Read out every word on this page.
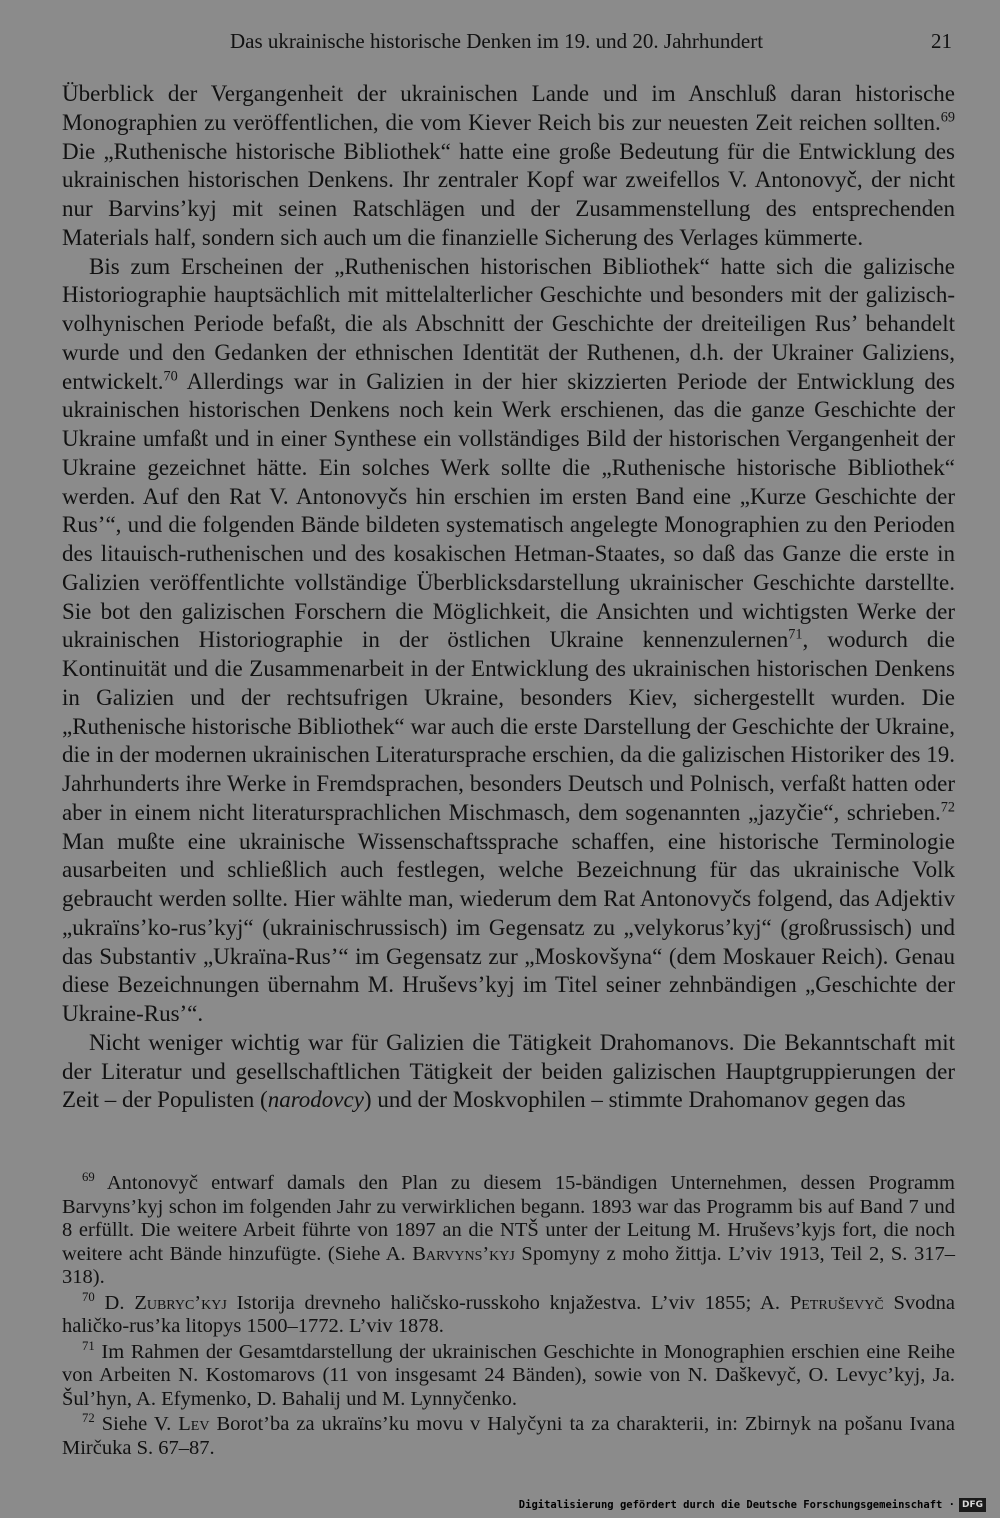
Das ukrainische historische Denken im 19. und 20. Jahrhundert	21

Überblick der Vergangenheit der ukrainischen Lande und im Anschluß daran historische Monographien zu veröffentlichen, die vom Kiever Reich bis zur neuesten Zeit reichen sollten.$^{69}$ Die „Ruthenische historische Bibliothek“ hatte eine große Bedeutung für die Entwicklung des ukrainischen historischen Denkens. Ihr zentraler Kopf war zweifellos V. Antonovyč, der nicht nur Barvins’kyj mit seinen Ratschlägen und der Zusammenstellung des entsprechenden Materials half, sondern sich auch um die finanzielle Sicherung des Verlages kümmerte.

Bis zum Erscheinen der „Ruthenischen historischen Bibliothek“ hatte sich die galizische Historiographie hauptsächlich mit mittelalterlicher Geschichte und besonders mit der galizisch-volhynischen Periode befaßt, die als Abschnitt der Geschichte der dreiteiligen Rus’ behandelt wurde und den Gedanken der ethnischen Identität der Ruthenen, d.h. der Ukrainer Galiziens, entwickelt.$^{70}$ Allerdings war in Galizien in der hier skizzierten Periode der Entwicklung des ukrainischen historischen Denkens noch kein Werk erschienen, das die ganze Geschichte der Ukraine umfaßt und in einer Synthese ein vollständiges Bild der historischen Vergangenheit der Ukraine gezeichnet hätte. Ein solches Werk sollte die „Ruthenische historische Bibliothek“ werden. Auf den Rat V. Antonovyčs hin erschien im ersten Band eine „Kurze Geschichte der Rus’“, und die folgenden Bände bildeten systematisch angelegte Monographien zu den Perioden des litauisch-ruthenischen und des kosakischen Hetman-Staates, so daß das Ganze die erste in Galizien veröffentlichte vollständige Überblicksdarstellung ukrainischer Geschichte darstellte. Sie bot den galizischen Forschern die Möglichkeit, die Ansichten und wichtigsten Werke der ukrainischen Historiographie in der östlichen Ukraine kennenzulernen$^{71}$, wodurch die Kontinuität und die Zusammenarbeit in der Entwicklung des ukrainischen historischen Denkens in Galizien und der rechtsufrigen Ukraine, besonders Kiev, sichergestellt wurden. Die „Ruthenische historische Bibliothek“ war auch die erste Darstellung der Geschichte der Ukraine, die in der modernen ukrainischen Literatursprache erschien, da die galizischen Historiker des 19. Jahrhunderts ihre Werke in Fremdsprachen, besonders Deutsch und Polnisch, verfaßt hatten oder aber in einem nicht literatursprachlichen Mischmasch, dem sogenannten „jazyčie“, schrieben.$^{72}$ Man mußte eine ukrainische Wissenschaftssprache schaffen, eine historische Terminologie ausarbeiten und schließlich auch festlegen, welche Bezeichnung für das ukrainische Volk gebraucht werden sollte. Hier wählte man, wiederum dem Rat Antonovyčs folgend, das Adjektiv „ukraïns’ko-rus’kyj“ (ukrainischrussisch) im Gegensatz zu „velykorus’kyj“ (großrussisch) und das Substantiv „Ukraïna-Rus’“ im Gegensatz zur „Moskovšyna“ (dem Moskauer Reich). Genau diese Bezeichnungen übernahm M. Hruševs’kyj im Titel seiner zehnbändigen „Geschichte der Ukraine-Rus’“.

Nicht weniger wichtig war für Galizien die Tätigkeit Drahomanovs. Die Bekanntschaft mit der Literatur und gesellschaftlichen Tätigkeit der beiden galizischen Hauptgruppierungen der Zeit – der Populisten (narodovcy) und der Moskvophilen – stimmte Drahomanov gegen das

$^{69}$ Antonovyč entwarf damals den Plan zu diesem 15-bändigen Unternehmen, dessen Programm Barvyns’kyj schon im folgenden Jahr zu verwirklichen begann. 1893 war das Programm bis auf Band 7 und 8 erfüllt. Die weitere Arbeit führte von 1897 an die NTŠ unter der Leitung M. Hruševs’kyjs fort, die noch weitere acht Bände hinzufügte. (Siehe A. Barvyns’kyj Spomyny z moho žittja. L’viv 1913, Teil 2, S. 317–318).

$^{70}$ D. Zubryc’kyj Istorija drevneho haličsko-russkoho knjažestva. L’viv 1855; A. Petruševyč Svodna haličko-rus’ka litopys 1500–1772. L’viv 1878.

$^{71}$ Im Rahmen der Gesamtdarstellung der ukrainischen Geschichte in Monographien erschien eine Reihe von Arbeiten N. Kostomarovs (11 von insgesamt 24 Bänden), sowie von N. Daškevyč, O. Levyc’kyj, Ja. Šul’hyn, A. Efymenko, D. Bahalij und M. Lynnyčenko.

$^{72}$ Siehe V. Lev Borot’ba za ukraïns’ku movu v Halyčyni ta za charakterii, in: Zbirnyk na pošanu Ivana Mirčuka S. 67–87.

Digitalisierung gefördert durch die Deutsche Forschungsgemeinschaft · DFG
